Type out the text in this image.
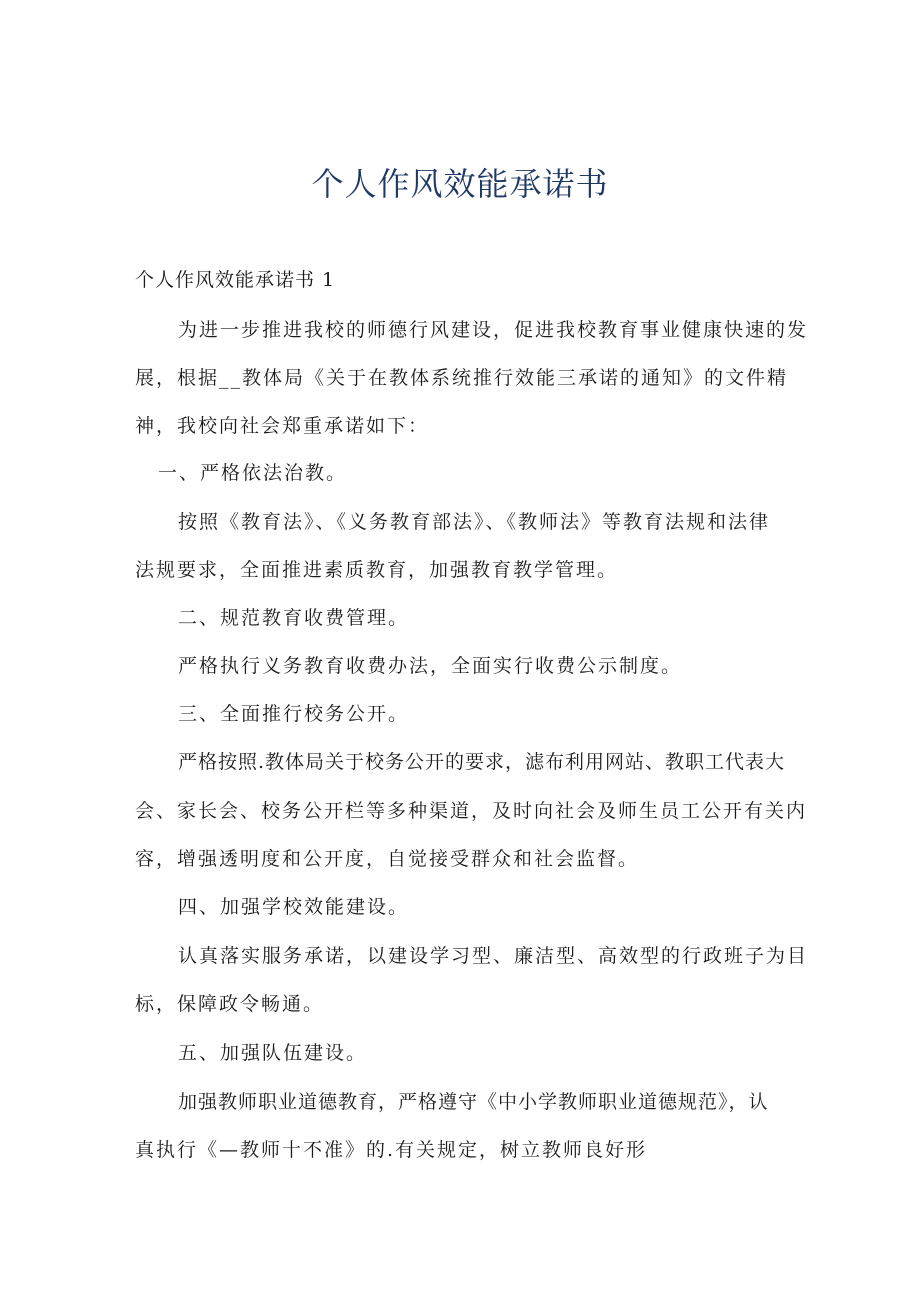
个人作风效能承诺书
个人作风效能承诺书 1
为进一步推进我校的师德行风建设，促进我校教育事业健康快速的发
展，根据__教体局《关于在教体系统推行效能三承诺的通知》的文件精
神，我校向社会郑重承诺如下：
一、严格依法治教。
按照《教育法》、《义务教育部法》、《教师法》等教育法规和法律
法规要求，全面推进素质教育，加强教育教学管理。
二、规范教育收费管理。
严格执行义务教育收费办法，全面实行收费公示制度。
三、全面推行校务公开。
严格按照.教体局关于校务公开的要求，滤布利用网站、教职工代表大
会、家长会、校务公开栏等多种渠道，及时向社会及师生员工公开有关内
容，增强透明度和公开度，自觉接受群众和社会监督。
四、加强学校效能建设。
认真落实服务承诺，以建设学习型、廉洁型、高效型的行政班子为目
标，保障政令畅通。
五、加强队伍建设。
加强教师职业道德教育，严格遵守《中小学教师职业道德规范》，认
真执行《—教师十不准》的.有关规定，树立教师良好形
